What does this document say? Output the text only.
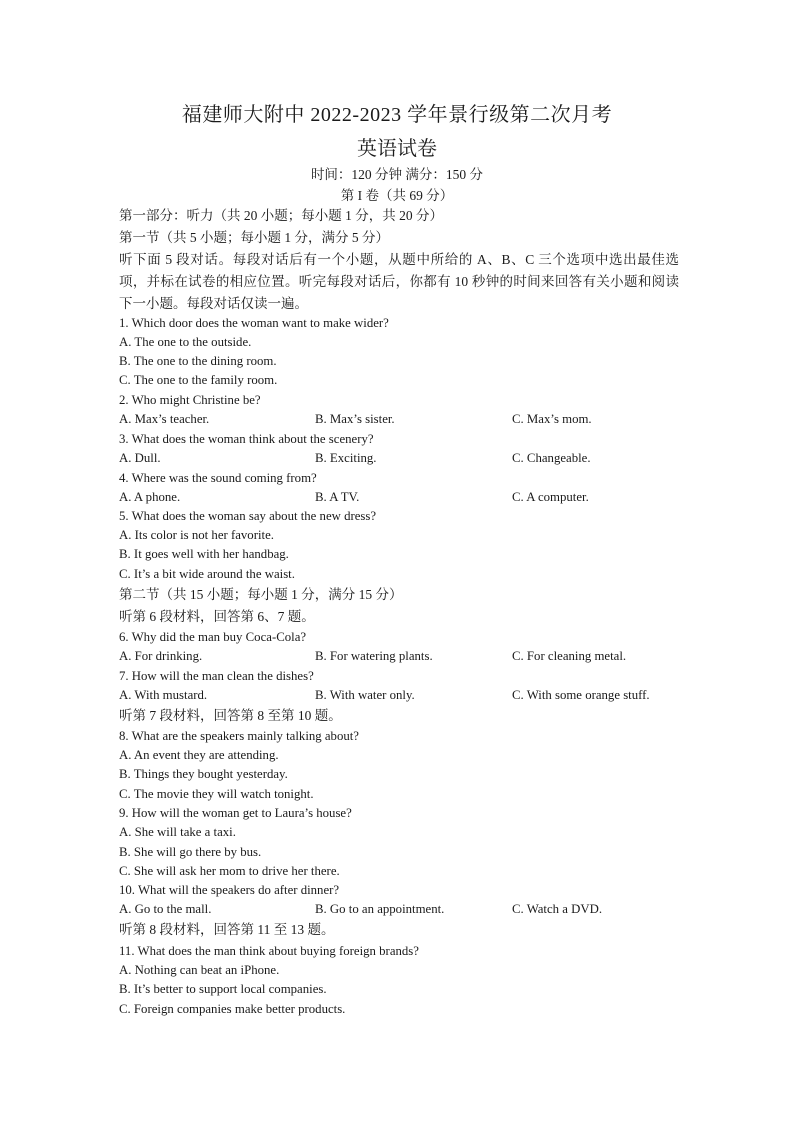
福建师大附中 2022-2023 学年景行级第二次月考
英语试卷
时间：120 分钟 满分：150 分
第 I 卷（共 69 分）
第一部分：听力（共 20 小题；每小题 1 分，共 20 分）
第一节（共 5 小题；每小题 1 分，满分 5 分）
听下面 5 段对话。每段对话后有一个小题，从题中所给的 A、B、C 三个选项中选出最佳选项，并标在试卷的相应位置。听完每段对话后，你都有 10 秒钟的时间来回答有关小题和阅读下一小题。每段对话仅读一遍。
1. Which door does the woman want to make wider?
A. The one to the outside.
B. The one to the dining room.
C. The one to the family room.
2. Who might Christine be?
A. Max’s teacher.	B. Max’s sister.	C. Max’s mom.
3. What does the woman think about the scenery?
A. Dull.	B. Exciting.	C. Changeable.
4. Where was the sound coming from?
A. A phone.	B. A TV.	C. A computer.
5. What does the woman say about the new dress?
A. Its color is not her favorite.
B. It goes well with her handbag.
C. It’s a bit wide around the waist.
第二节（共 15 小题；每小题 1 分，满分 15 分）
听第 6 段材料，回答第 6、7 题。
6. Why did the man buy Coca-Cola?
A. For drinking.	B. For watering plants.	C. For cleaning metal.
7. How will the man clean the dishes?
A. With mustard.	B. With water only.	C. With some orange stuff.
听第 7 段材料，回答第 8 至第 10 题。
8. What are the speakers mainly talking about?
A. An event they are attending.
B. Things they bought yesterday.
C. The movie they will watch tonight.
9. How will the woman get to Laura’s house?
A. She will take a taxi.
B. She will go there by bus.
C. She will ask her mom to drive her there.
10. What will the speakers do after dinner?
A. Go to the mall.	B. Go to an appointment.	C. Watch a DVD.
听第 8 段材料，回答第 11 至 13 题。
11. What does the man think about buying foreign brands?
A. Nothing can beat an iPhone.
B. It’s better to support local companies.
C. Foreign companies make better products.
